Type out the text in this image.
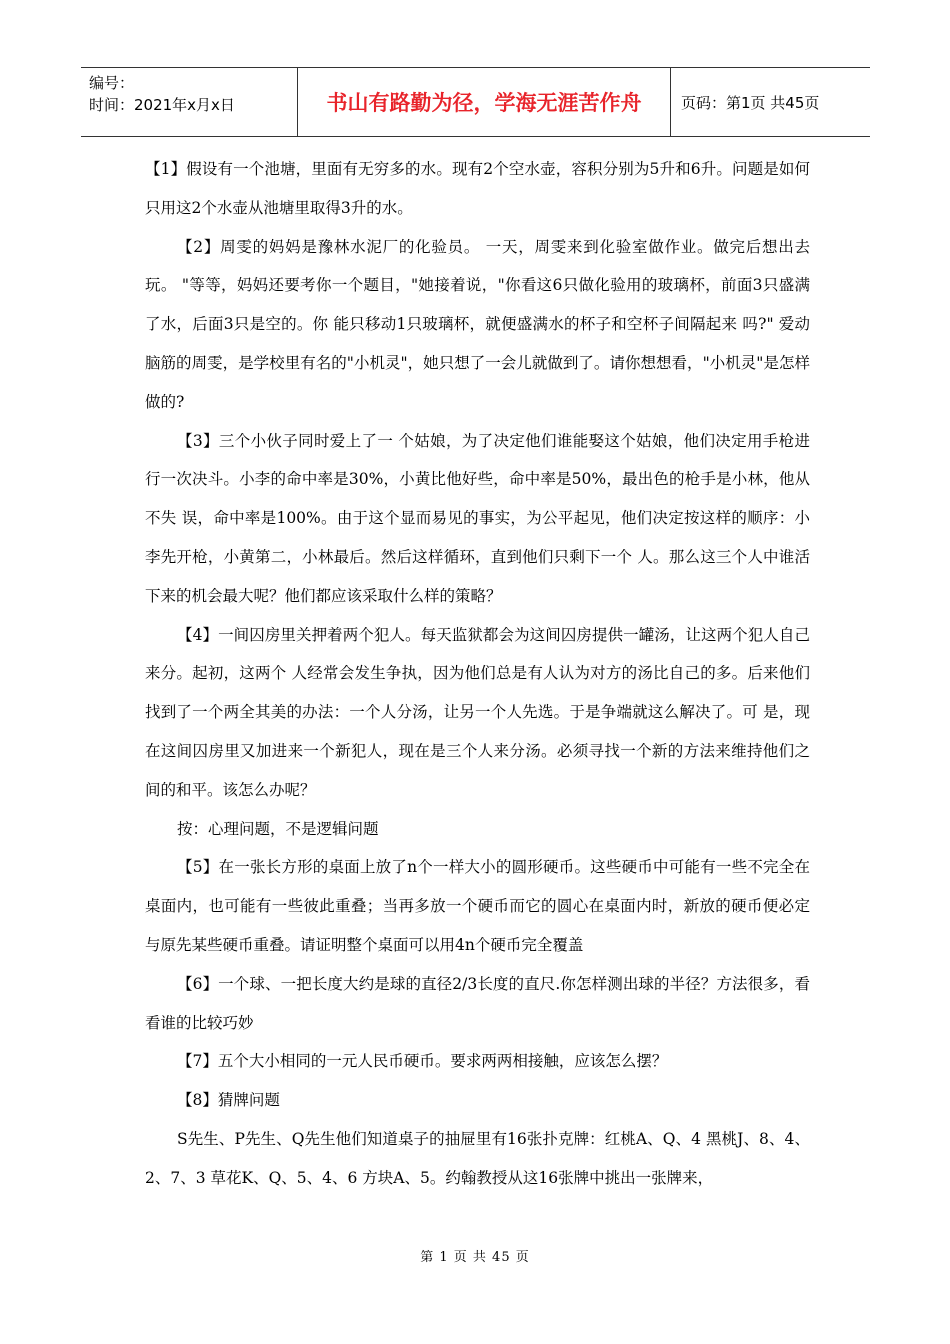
编号：
时间：2021年x月x日	书山有路勤为径，学海无涯苦作舟	页码：第1页 共45页

【1】假设有一个池塘，里面有无穷多的水。现有2个空水壶，容积分别为5升和6升。问题是如何只用这2个水壶从池塘里取得3升的水。

【2】周雯的妈妈是豫林水泥厂的化验员。 一天，周雯来到化验室做作业。做完后想出去玩。 "等等，妈妈还要考你一个题目，"她接着说，"你看这6只做化验用的玻璃杯，前面3只盛满了水，后面3只是空的。你 能只移动1只玻璃杯，就便盛满水的杯子和空杯子间隔起来 吗?" 爱动脑筋的周雯，是学校里有名的"小机灵"，她只想了一会儿就做到了。请你想想看，"小机灵"是怎样做的?

【3】三个小伙子同时爱上了一 个姑娘，为了决定他们谁能娶这个姑娘，他们决定用手枪进行一次决斗。小李的命中率是30%，小黄比他好些，命中率是50%，最出色的枪手是小林，他从不失 误，命中率是100%。由于这个显而易见的事实，为公平起见，他们决定按这样的顺序：小李先开枪，小黄第二，小林最后。然后这样循环，直到他们只剩下一个 人。那么这三个人中谁活下来的机会最大呢？他们都应该采取什么样的策略？

【4】一间囚房里关押着两个犯人。每天监狱都会为这间囚房提供一罐汤，让这两个犯人自己来分。起初，这两个 人经常会发生争执，因为他们总是有人认为对方的汤比自己的多。后来他们找到了一个两全其美的办法：一个人分汤，让另一个人先选。于是争端就这么解决了。可 是，现在这间囚房里又加进来一个新犯人，现在是三个人来分汤。必须寻找一个新的方法来维持他们之间的和平。该怎么办呢？

按：心理问题，不是逻辑问题

【5】在一张长方形的桌面上放了n个一样大小的圆形硬币。这些硬币中可能有一些不完全在桌面内，也可能有一些彼此重叠；当再多放一个硬币而它的圆心在桌面内时，新放的硬币便必定与原先某些硬币重叠。请证明整个桌面可以用4n个硬币完全覆盖

【6】一个球、一把长度大约是球的直径2/3长度的直尺.你怎样测出球的半径？方法很多，看看谁的比较巧妙

【7】五个大小相同的一元人民币硬币。要求两两相接触，应该怎么摆？

【8】猜牌问题

S先生、P先生、Q先生他们知道桌子的抽屉里有16张扑克牌：红桃A、Q、4 黑桃J、8、4、2、7、3 草花K、Q、5、4、6 方块A、5。约翰教授从这16张牌中挑出一张牌来，

第 1 页 共 45 页
